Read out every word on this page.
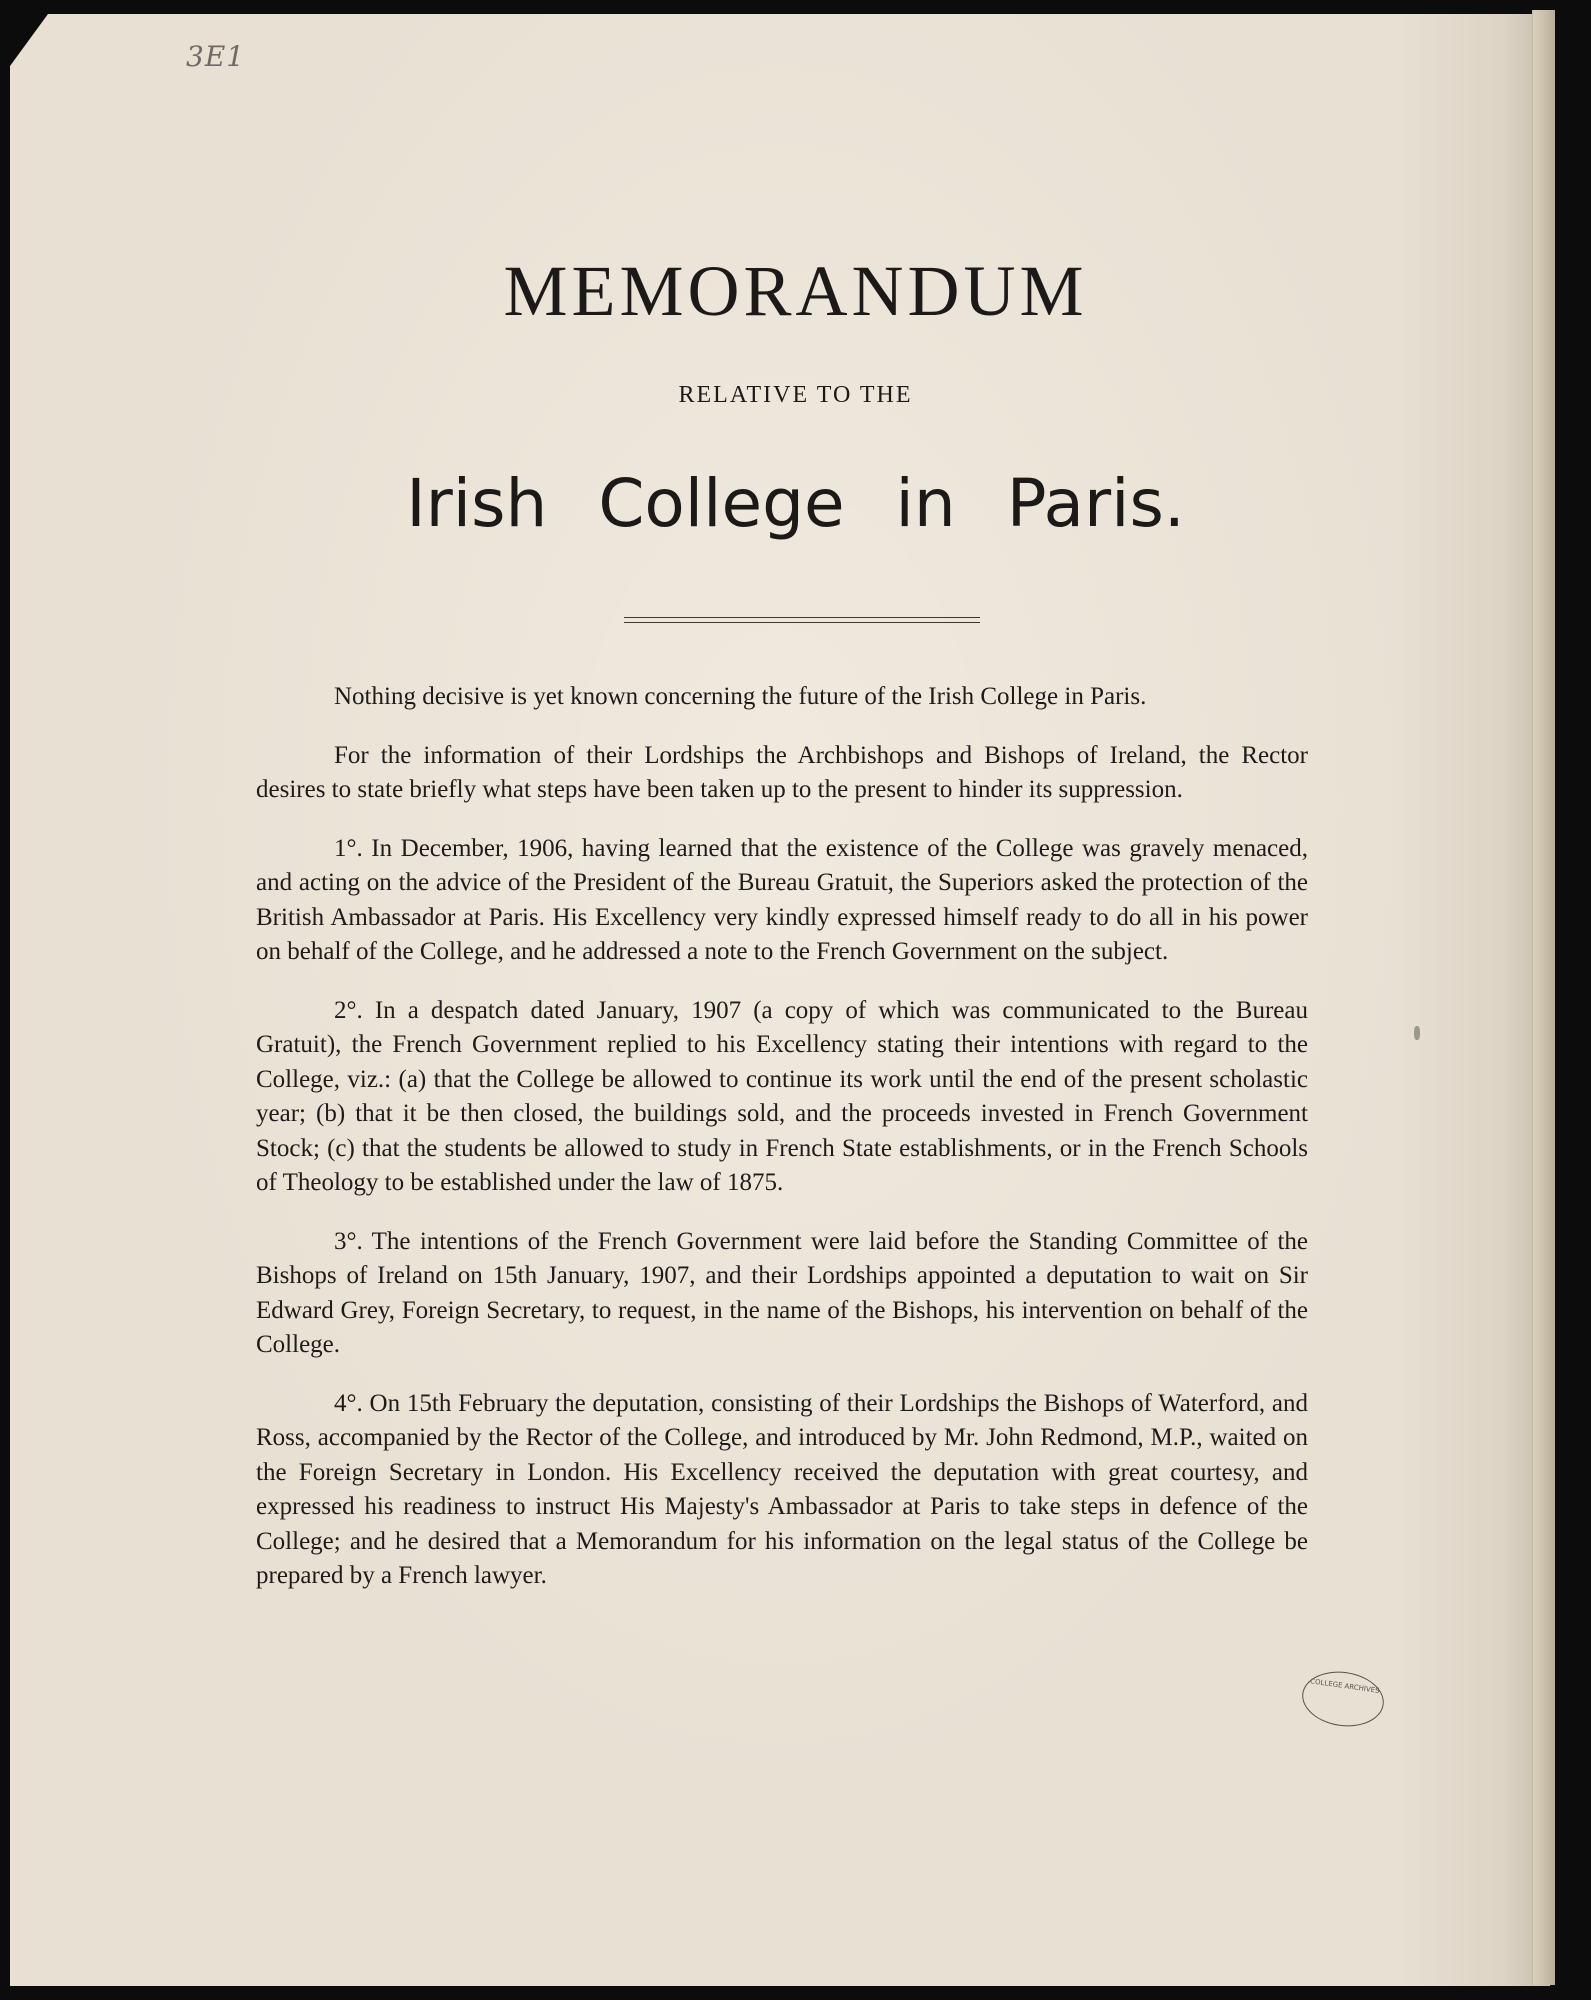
3E1
MEMORANDUM
RELATIVE TO THE
Irish College in Paris.

Nothing decisive is yet known concerning the future of the Irish College in Paris.

For the information of their Lordships the Archbishops and Bishops of Ireland, the Rector desires to state briefly what steps have been taken up to the present to hinder its suppression.

1°. In December, 1906, having learned that the existence of the College was gravely menaced, and acting on the advice of the President of the Bureau Gratuit, the Superiors asked the protection of the British Ambassador at Paris. His Excellency very kindly expressed himself ready to do all in his power on behalf of the College, and he addressed a note to the French Government on the subject.

2°. In a despatch dated January, 1907 (a copy of which was communicated to the Bureau Gratuit), the French Government replied to his Excellency stating their intentions with regard to the College, viz.: (a) that the College be allowed to continue its work until the end of the present scholastic year; (b) that it be then closed, the buildings sold, and the proceeds invested in French Government Stock; (c) that the students be allowed to study in French State establishments, or in the French Schools of Theology to be established under the law of 1875.

3°. The intentions of the French Government were laid before the Standing Committee of the Bishops of Ireland on 15th January, 1907, and their Lordships appointed a deputation to wait on Sir Edward Grey, Foreign Secretary, to request, in the name of the Bishops, his intervention on behalf of the College.

4°. On 15th February the deputation, consisting of their Lordships the Bishops of Waterford, and Ross, accompanied by the Rector of the College, and introduced by Mr. John Redmond, M.P., waited on the Foreign Secretary in London. His Excellency received the deputation with great courtesy, and expressed his readiness to instruct His Majesty's Ambassador at Paris to take steps in defence of the College; and he desired that a Memorandum for his information on the legal status of the College be prepared by a French lawyer.

COLLEGE ARCHIVES
